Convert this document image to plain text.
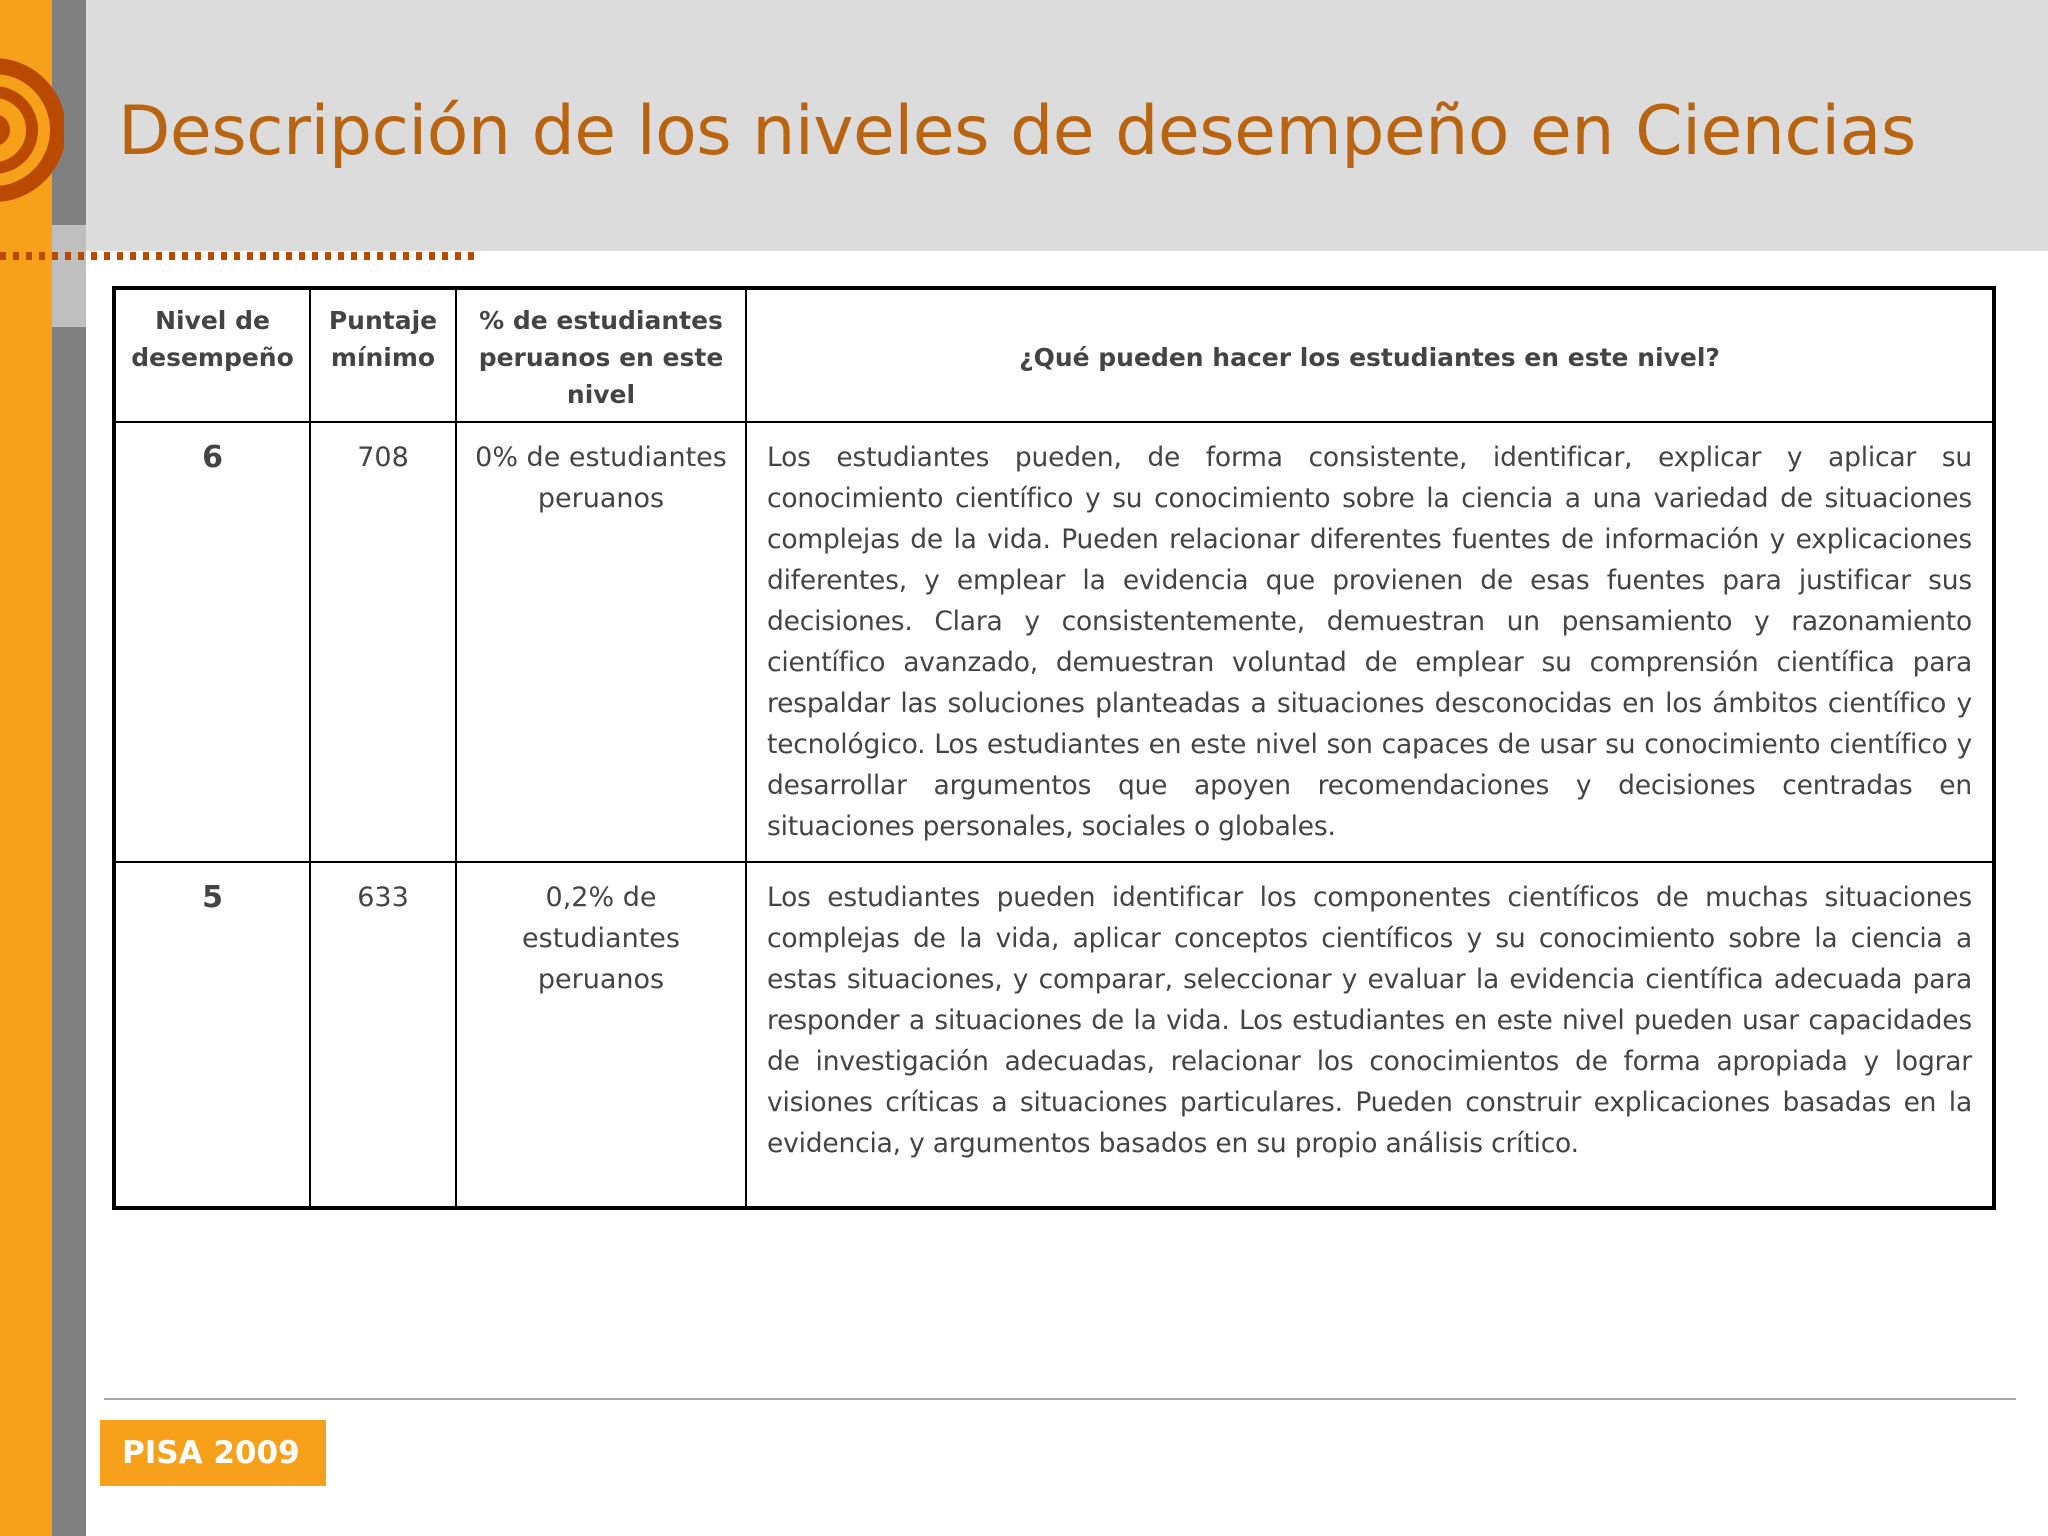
Descripción de los niveles de desempeño en Ciencias
Nivel de desempeño	Puntaje mínimo	% de estudiantes peruanos en este nivel	¿Qué pueden hacer los estudiantes en este nivel?
6	708	0% de estudiantes peruanos	Los estudiantes pueden, de forma consistente, identificar, explicar y aplicar su conocimiento científico y su conocimiento sobre la ciencia a una variedad de situaciones complejas de la vida. Pueden relacionar diferentes fuentes de información y explicaciones diferentes, y emplear la evidencia que provienen de esas fuentes para justificar sus decisiones. Clara y consistentemente, demuestran un pensamiento y razonamiento científico avanzado, demuestran voluntad de emplear su comprensión científica para respaldar las soluciones planteadas a situaciones desconocidas en los ámbitos científico y tecnológico. Los estudiantes en este nivel son capaces de usar su conocimiento científico y desarrollar argumentos que apoyen recomendaciones y decisiones centradas en situaciones personales, sociales o globales.
5	633	0,2% de estudiantes peruanos	Los estudiantes pueden identificar los componentes científicos de muchas situaciones complejas de la vida, aplicar conceptos científicos y su conocimiento sobre la ciencia a estas situaciones, y comparar, seleccionar y evaluar la evidencia científica adecuada para responder a situaciones de la vida. Los estudiantes en este nivel pueden usar capacidades de investigación adecuadas, relacionar los conocimientos de forma apropiada y lograr visiones críticas a situaciones particulares. Pueden construir explicaciones basadas en la evidencia, y argumentos basados en su propio análisis crítico.
PISA 2009
